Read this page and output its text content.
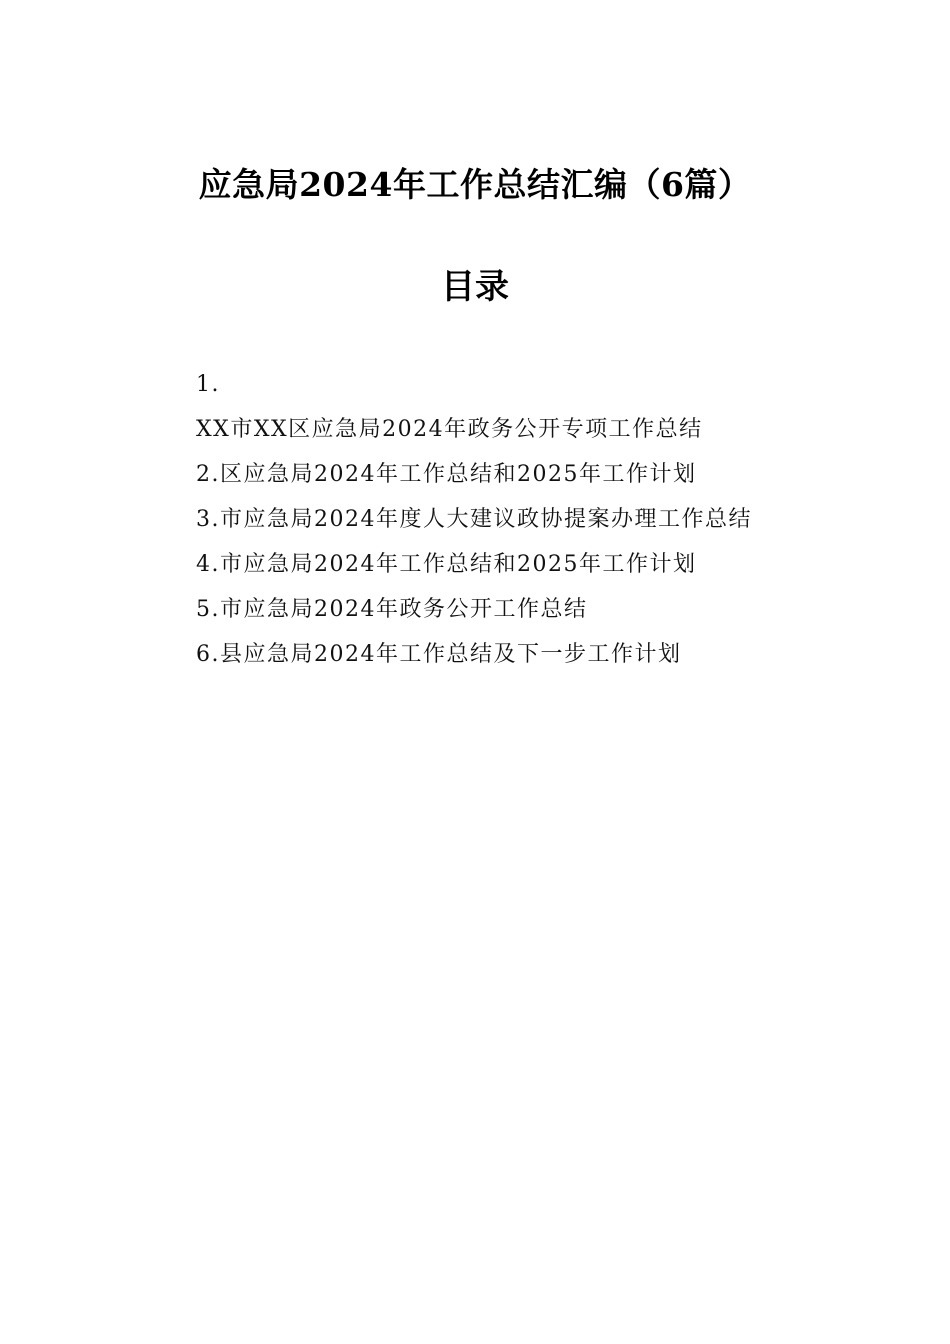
应急局2024年工作总结汇编（6篇）
目录
1.
XX市XX区应急局2024年政务公开专项工作总结
2.区应急局2024年工作总结和2025年工作计划
3.市应急局2024年度人大建议政协提案办理工作总结
4.市应急局2024年工作总结和2025年工作计划
5.市应急局2024年政务公开工作总结
6.县应急局2024年工作总结及下一步工作计划
